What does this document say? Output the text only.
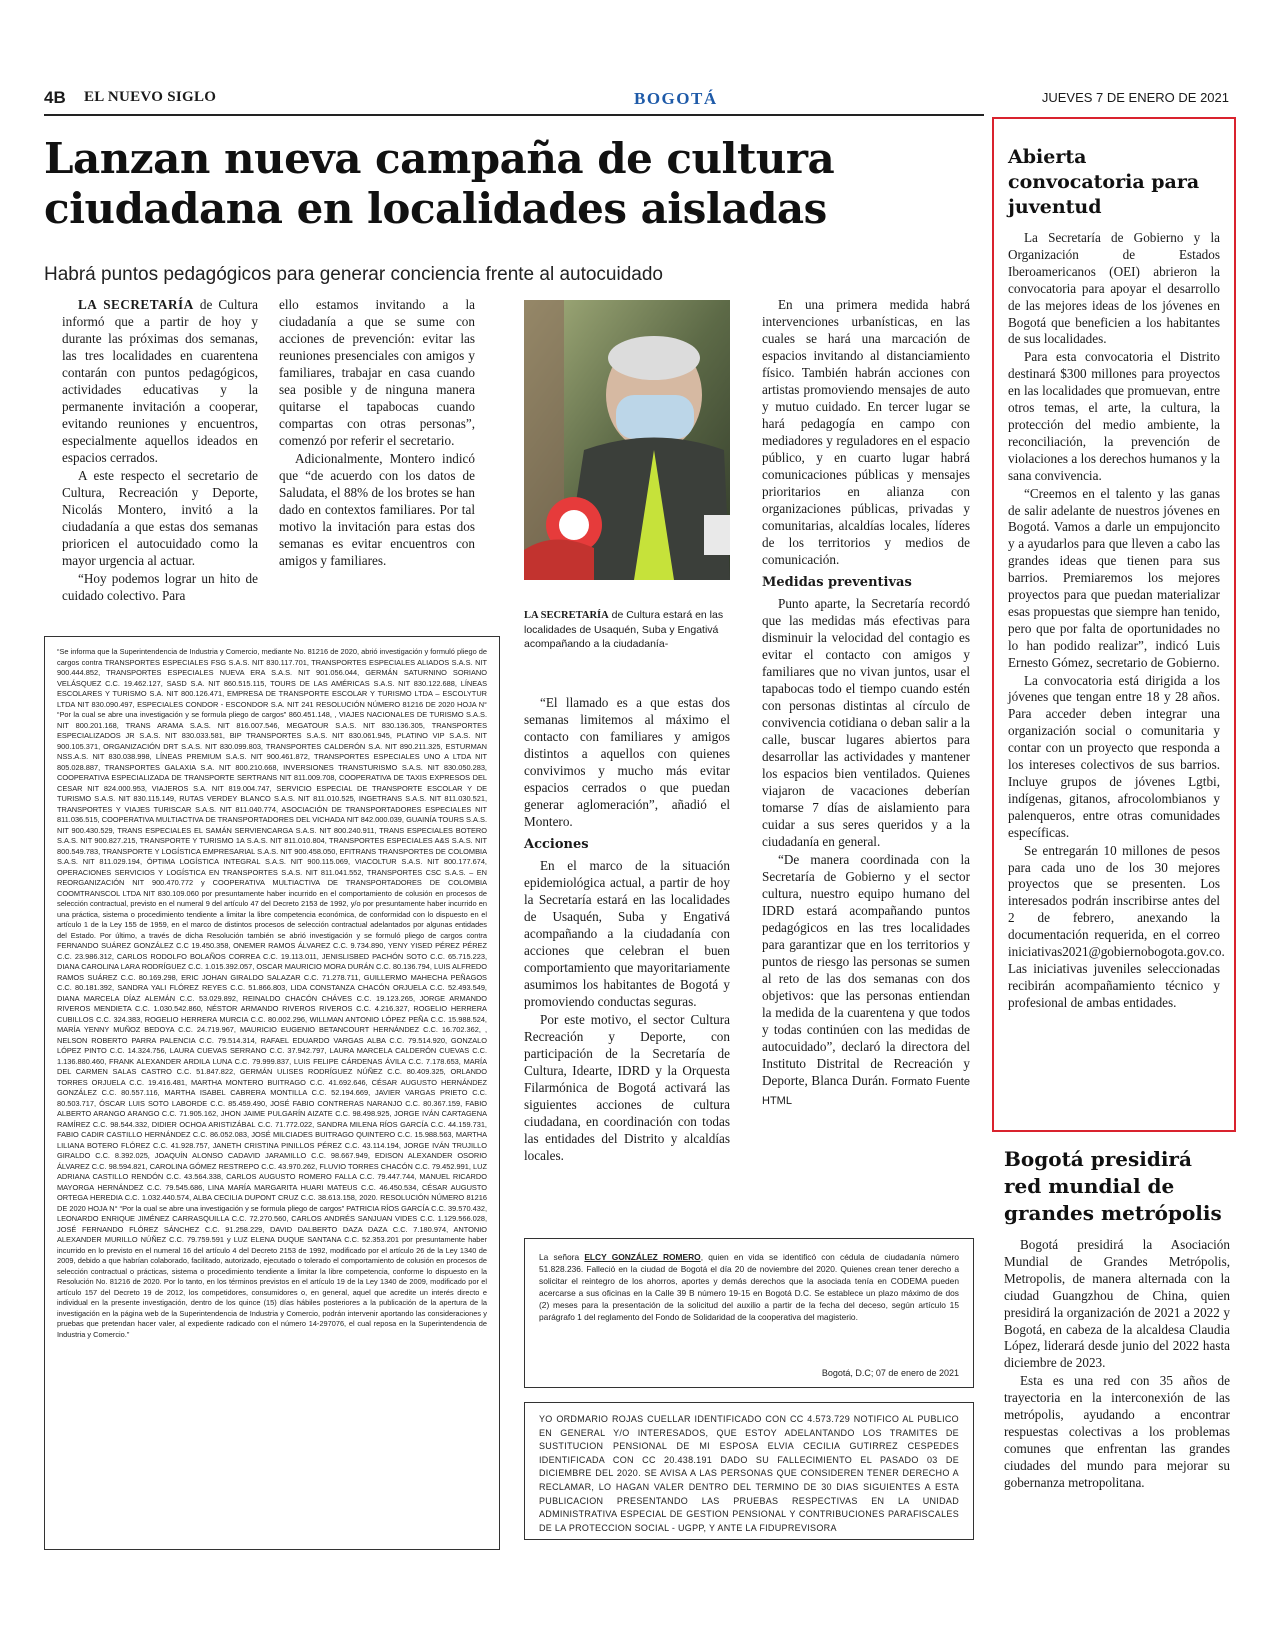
4B EL NUEVO SIGLO	BOGOTÁ	JUEVES 7 DE ENERO DE 2021
Lanzan nueva campaña de cultura ciudadana en localidades aisladas
Habrá puntos pedagógicos para generar conciencia frente al autocuidado

LA SECRETARÍA de Cultura informó que a partir de hoy y durante las próximas dos semanas, las tres localidades en cuarentena contarán con puntos pedagógicos, actividades educativas y la permanente invitación a cooperar, evitando reuniones y encuentros, especialmente aquellos ideados en espacios cerrados.

A este respecto el secretario de Cultura, Recreación y Deporte, Nicolás Montero, invitó a la ciudadanía a que estas dos semanas prioricen el autocuidado como la mayor urgencia al actuar.

“Hoy podemos lograr un hito de cuidado colectivo. Para

ello estamos invitando a la ciudadanía a que se sume con acciones de prevención: evitar las reuniones presenciales con amigos y familiares, trabajar en casa cuando sea posible y de ninguna manera quitarse el tapabocas cuando compartas con otras personas”, comenzó por referir el secretario.

Adicionalmente, Montero indicó que “de acuerdo con los datos de Saludata, el 88% de los brotes se han dado en contextos familiares. Por tal motivo la invitación para estas dos semanas es evitar encuentros con amigos y familiares.

LA SECRETARÍA de Cultura estará en las localidades de Usaquén, Suba y Engativá acompañando a la ciudadanía-

“El llamado es a que estas dos semanas limitemos al máximo el contacto con familiares y amigos distintos a aquellos con quienes convivimos y mucho más evitar espacios cerrados o que puedan generar aglomeración”, añadió el Montero.

Acciones

En el marco de la situación epidemiológica actual, a partir de hoy la Secretaría estará en las localidades de Usaquén, Suba y Engativá acompañando a la ciudadanía con acciones que celebran el buen comportamiento que mayoritariamente asumimos los habitantes de Bogotá y promoviendo conductas seguras.

Por este motivo, el sector Cultura Recreación y Deporte, con participación de la Secretaría de Cultura, Idearte, IDRD y la Orquesta Filarmónica de Bogotá activará las siguientes acciones de cultura ciudadana, en coordinación con todas las entidades del Distrito y alcaldías locales.

En una primera medida habrá intervenciones urbanísticas, en las cuales se hará una marcación de espacios invitando al distanciamiento físico. También habrán acciones con artistas promoviendo mensajes de auto y mutuo cuidado. En tercer lugar se hará pedagogía en campo con mediadores y reguladores en el espacio público, y en cuarto lugar habrá comunicaciones públicas y mensajes prioritarios en alianza con organizaciones públicas, privadas y comunitarias, alcaldías locales, líderes de los territorios y medios de comunicación.

Medidas preventivas

Punto aparte, la Secretaría recordó que las medidas más efectivas para disminuir la velocidad del contagio es evitar el contacto con amigos y familiares que no vivan juntos, usar el tapabocas todo el tiempo cuando estén con personas distintas al círculo de convivencia cotidiana o deban salir a la calle, buscar lugares abiertos para desarrollar las actividades y mantener los espacios bien ventilados. Quienes viajaron de vacaciones deberían tomarse 7 días de aislamiento para cuidar a sus seres queridos y a la ciudadanía en general.

“De manera coordinada con la Secretaría de Gobierno y el sector cultura, nuestro equipo humano del IDRD estará acompañando puntos pedagógicos en las tres localidades para garantizar que en los territorios y puntos de riesgo las personas se sumen al reto de las dos semanas con dos objetivos: que las personas entiendan la medida de la cuarentena y que todos y todas continúen con las medidas de autocuidado”, declaró la directora del Instituto Distrital de Recreación y Deporte, Blanca Durán. Formato Fuente HTML

“Se informa que la Superintendencia de Industria y Comercio, mediante No. 81216 de 2020, abrió investigación y formuló pliego de cargos contra TRANSPORTES ESPECIALES FSG S.A.S. NIT 830.117.701, TRANSPORTES ESPECIALES ALIADOS S.A.S. NIT 900.444.852, TRANSPORTES ESPECIALES NUEVA ERA S.A.S. NIT 901.056.044, GERMÁN SATURNINO SORIANO VELÁSQUEZ C.C. 19.462.127, SASD S.A. NIT 860.515.115, TOURS DE LAS AMÉRICAS S.A.S. NIT 830.122.688, LÍNEAS ESCOLARES Y TURISMO S.A. NIT 800.126.471, EMPRESA DE TRANSPORTE ESCOLAR Y TURISMO LTDA – ESCOLYTUR LTDA NIT 830.090.497, ESPECIALES CONDOR - ESCONDOR S.A. NIT 241 RESOLUCIÓN NÚMERO 81216 DE 2020 HOJA N° “Por la cual se abre una investigación y se formula pliego de cargos” 860.451.148, , VIAJES NACIONALES DE TURISMO S.A.S. NIT 800.201.168, TRANS ARAMA S.A.S. NIT 816.007.546, MEGATOUR S.A.S. NIT 830.136.305, TRANSPORTES ESPECIALIZADOS JR S.A.S. NIT 830.033.581, BIP TRANSPORTES S.A.S. NIT 830.061.945, PLATINO VIP S.A.S. NIT 900.105.371, ORGANIZACIÓN DRT S.A.S. NIT 830.099.803, TRANSPORTES CALDERÓN S.A. NIT 890.211.325, ESTURMAN NSS.A.S. NIT 830.038.998, LÍNEAS PREMIUM S.A.S. NIT 900.461.872, TRANSPORTES ESPECIALES UNO A LTDA NIT 805.028.887, TRANSPORTES GALAXIA S.A. NIT 800.210.668, INVERSIONES TRANSTURISMO S.A.S. NIT 830.050.283, COOPERATIVA ESPECIALIZADA DE TRANSPORTE SERTRANS NIT 811.009.708, COOPERATIVA DE TAXIS EXPRESOS DEL CESAR NIT 824.000.953, VIAJEROS S.A. NIT 819.004.747, SERVICIO ESPECIAL DE TRANSPORTE ESCOLAR Y DE TURISMO S.A.S. NIT 830.115.149, RUTAS VERDEY BLANCO S.A.S. NIT 811.010.525, INGETRANS S.A.S. NIT 811.030.521, TRANSPORTES Y VIAJES TURISCAR S.A.S. NIT 811.040.774, ASOCIACIÓN DE TRANSPORTADORES ESPECIALES NIT 811.036.515, COOPERATIVA MULTIACTIVA DE TRANSPORTADORES DEL VICHADA NIT 842.000.039, GUAINÍA TOURS S.A.S. NIT 900.430.529, TRANS ESPECIALES EL SAMÁN SERVIENCARGA S.A.S. NIT 800.240.911, TRANS ESPECIALES BOTERO S.A.S. NIT 900.827.215, TRANSPORTE Y TURISMO 1A S.A.S. NIT 811.010.804, TRANSPORTES ESPECIALES A&S S.A.S. NIT 800.549.783, TRANSPORTE Y LOGÍSTICA EMPRESARIAL S.A.S. NIT 900.458.050, EFITRANS TRANSPORTES DE COLOMBIA S.A.S. NIT 811.029.194, ÓPTIMA LOGÍSTICA INTEGRAL S.A.S. NIT 900.115.069, VIACOLTUR S.A.S. NIT 800.177.674, OPERACIONES SERVICIOS Y LOGÍSTICA EN TRANSPORTES S.A.S. NIT 811.041.552, TRANSPORTES CSC S.A.S. – EN REORGANIZACIÓN NIT 900.470.772 y COOPERATIVA MULTIACTIVA DE TRANSPORTADORES DE COLOMBIA COOMTRANSCOL LTDA NIT 830.109.060 por presuntamente haber incurrido en el comportamiento de colusión en procesos de selección contractual, previsto en el numeral 9 del artículo 47 del Decreto 2153 de 1992, y/o por presuntamente haber incurrido en una práctica, sistema o procedimiento tendiente a limitar la libre competencia económica, de conformidad con lo dispuesto en el artículo 1 de la Ley 155 de 1959, en el marco de distintos procesos de selección contractual adelantados por algunas entidades del Estado. Por último, a través de dicha Resolución también se abrió investigación y se formuló pliego de cargos contra FERNANDO SUÁREZ GONZÁLEZ C.C 19.450.358, ONEMER RAMOS ÁLVAREZ C.C. 9.734.890, YENY YISED PÉREZ PÉREZ C.C. 23.986.312, CARLOS RODOLFO BOLAÑOS CORREA C.C. 19.113.011, JENISLISBED PACHÓN SOTO C.C. 65.715.223, DIANA CAROLINA LARA RODRÍGUEZ C.C. 1.015.392.057, OSCAR MAURICIO MORA DURÁN C.C. 80.136.794, LUIS ALFREDO RAMOS SUÁREZ C.C. 80.169.298, ERIC JOHAN GIRALDO SALAZAR C.C. 71.278.711, GUILLERMO MAHECHA PEÑAGOS C.C. 80.181.392, SANDRA YALI FLÓREZ REYES C.C. 51.866.803, LIDA CONSTANZA CHACÓN ORJUELA C.C. 52.493.549, DIANA MARCELA DÍAZ ALEMÁN C.C. 53.029.892, REINALDO CHACÓN CHÁVES C.C. 19.123.265, JORGE ARMANDO RIVEROS MENDIETA C.C. 1.030.542.860, NÉSTOR ARMANDO RIVEROS RIVEROS C.C. 4.216.327, ROGELIO HERRERA CUBILLOS C.C. 324.383, ROGELIO HERRERA MURCIA C.C. 80.002.296, WILLMAN ANTONIO LÓPEZ PEÑA C.C. 15.988.524, MARÍA YENNY MUÑOZ BEDOYA C.C. 24.719.967, MAURICIO EUGENIO BETANCOURT HERNÁNDEZ C.C. 16.702.362, , NELSON ROBERTO PARRA PALENCIA C.C. 79.514.314, RAFAEL EDUARDO VARGAS ALBA C.C. 79.514.920, GONZALO LÓPEZ PINTO C.C. 14.324.756, LAURA CUEVAS SERRANO C.C. 37.942.797, LAURA MARCELA CALDERÓN CUEVAS C.C. 1.136.880.460, FRANK ALEXANDER ARDILA LUNA C.C. 79.999.837, LUIS FELIPE CÁRDENAS ÁVILA C.C. 7.178.653, MARÍA DEL CARMEN SALAS CASTRO C.C. 51.847.822, GERMÁN ULISES RODRÍGUEZ NÚÑEZ C.C. 80.409.325, ORLANDO TORRES ORJUELA C.C. 19.416.481, MARTHA MONTERO BUITRAGO C.C. 41.692.646, CÉSAR AUGUSTO HERNÁNDEZ GONZÁLEZ C.C. 80.557.116, MARTHA ISABEL CABRERA MONTILLA C.C. 52.194.669, JAVIER VARGAS PRIETO C.C. 80.503.717, ÓSCAR LUIS SOTO LABORDE C.C. 85.459.490, JOSÉ FABIO CONTRERAS NARANJO C.C. 80.367.159, FABIO ALBERTO ARANGO ARANGO C.C. 71.905.162, JHON JAIME PULGARÍN AIZATE C.C. 98.498.925, JORGE IVÁN CARTAGENA RAMÍREZ C.C. 98.544.332, DIDIER OCHOA ARISTIZÁBAL C.C. 71.772.022, SANDRA MILENA RÍOS GARCÍA C.C. 44.159.731, FABIO CADIR CASTILLO HERNÁNDEZ C.C. 86.052.083, JOSÉ MILCIADES BUITRAGO QUINTERO C.C. 15.988.563, MARTHA LILIANA BOTERO FLÓREZ C.C. 41.928.757, JANETH CRISTINA PINILLOS PÉREZ C.C. 43.114.194, JORGE IVÁN TRUJILLO GIRALDO C.C. 8.392.025, JOAQUÍN ALONSO CADAVID JARAMILLO C.C. 98.667.949, EDISON ALEXANDER OSORIO ÁLVAREZ C.C. 98.594.821, CAROLINA GÓMEZ RESTREPO C.C. 43.970.262, FLUVIO TORRES CHACÓN C.C. 79.452.991, LUZ ADRIANA CASTILLO RENDÓN C.C. 43.564.338, CARLOS AUGUSTO ROMERO FALLA C.C. 79.447.744, MANUEL RICARDO MAYORGA HERNÁNDEZ C.C. 79.545.686, LINA MARÍA MARGARITA HUARI MATEUS C.C. 46.450.534, CÉSAR AUGUSTO ORTEGA HEREDIA C.C. 1.032.440.574, ALBA CECILIA DUPONT CRUZ C.C. 38.613.158, 2020. RESOLUCIÓN NÚMERO 81216 DE 2020 HOJA N° “Por la cual se abre una investigación y se formula pliego de cargos” PATRICIA RÍOS GARCÍA C.C. 39.570.432, LEONARDO ENRIQUE JIMÉNEZ CARRASQUILLA C.C. 72.270.560, CARLOS ANDRÉS SANJUAN VIDES C.C. 1.129.566.028, JOSÉ FERNANDO FLÓREZ SÁNCHEZ C.C. 91.258.229, DAVID DALBERTO DAZA DAZA C.C. 7.180.974, ANTONIO ALEXANDER MURILLO NÚÑEZ C.C. 79.759.591 y LUZ ELENA DUQUE SANTANA C.C. 52.353.201 por presuntamente haber incurrido en lo previsto en el numeral 16 del artículo 4 del Decreto 2153 de 1992, modificado por el artículo 26 de la Ley 1340 de 2009, debido a que habrían colaborado, facilitado, autorizado, ejecutado o tolerado el comportamiento de colusión en procesos de selección contractual o prácticas, sistema o procedimiento tendiente a limitar la libre competencia, conforme lo dispuesto en la Resolución No. 81216 de 2020. Por lo tanto, en los términos previstos en el artículo 19 de la Ley 1340 de 2009, modificado por el artículo 157 del Decreto 19 de 2012, los competidores, consumidores o, en general, aquel que acredite un interés directo e individual en la presente investigación, dentro de los quince (15) días hábiles posteriores a la publicación de la apertura de la investigación en la página web de la Superintendencia de Industria y Comercio, podrán intervenir aportando las consideraciones y pruebas que pretendan hacer valer, al expediente radicado con el número 14-297076, el cual reposa en la Superintendencia de Industria y Comercio.”
La señora ELCY GONZÁLEZ ROMERO, quien en vida se identificó con cédula de ciudadanía número 51.828.236. Falleció en la ciudad de Bogotá el día 20 de noviembre del 2020. Quienes crean tener derecho a solicitar el reintegro de los ahorros, aportes y demás derechos que la asociada tenía en CODEMA pueden acercarse a sus oficinas en la Calle 39 B número 19-15 en Bogotá D.C. Se establece un plazo máximo de dos (2) meses para la presentación de la solicitud del auxilio a partir de la fecha del deceso, según artículo 15 parágrafo 1 del reglamento del Fondo de Solidaridad de la cooperativa del magisterio.
Bogotá, D.C; 07 de enero de 2021
YO ORDMARIO ROJAS CUELLAR IDENTIFICADO CON CC 4.573.729 NOTIFICO AL PUBLICO EN GENERAL Y/O INTERESADOS, QUE ESTOY ADELANTANDO LOS TRAMITES DE SUSTITUCION PENSIONAL DE MI ESPOSA ELVIA CECILIA GUTIRREZ CESPEDES IDENTIFICADA CON CC 20.438.191 DADO SU FALLECIMIENTO EL PASADO 03 DE DICIEMBRE DEL 2020. SE AVISA A LAS PERSONAS QUE CONSIDEREN TENER DERECHO A RECLAMAR, LO HAGAN VALER DENTRO DEL TERMINO DE 30 DIAS SIGUIENTES A ESTA PUBLICACION PRESENTANDO LAS PRUEBAS RESPECTIVAS EN LA UNIDAD ADMINISTRATIVA ESPECIAL DE GESTION PENSIONAL Y CONTRIBUCIONES PARAFISCALES DE LA PROTECCION SOCIAL - UGPP, Y ANTE LA FIDUPREVISORA
Abierta convocatoria para juventud

La Secretaría de Gobierno y la Organización de Estados Iberoamericanos (OEI) abrieron la convocatoria para apoyar el desarrollo de las mejores ideas de los jóvenes en Bogotá que beneficien a los habitantes de sus localidades.

Para esta convocatoria el Distrito destinará $300 millones para proyectos en las localidades que promuevan, entre otros temas, el arte, la cultura, la protección del medio ambiente, la reconciliación, la prevención de violaciones a los derechos humanos y la sana convivencia.

“Creemos en el talento y las ganas de salir adelante de nuestros jóvenes en Bogotá. Vamos a darle un empujoncito y a ayudarlos para que lleven a cabo las grandes ideas que tienen para sus barrios. Premiaremos los mejores proyectos para que puedan materializar esas propuestas que siempre han tenido, pero que por falta de oportunidades no lo han podido realizar”, indicó Luis Ernesto Gómez, secretario de Gobierno.

La convocatoria está dirigida a los jóvenes que tengan entre 18 y 28 años. Para acceder deben integrar una organización social o comunitaria y contar con un proyecto que responda a los intereses colectivos de sus barrios. Incluye grupos de jóvenes Lgtbi, indígenas, gitanos, afrocolombianos y palenqueros, entre otras comunidades específicas.

Se entregarán 10 millones de pesos para cada uno de los 30 mejores proyectos que se presenten. Los interesados podrán inscribirse antes del 2 de febrero, anexando la documentación requerida, en el correo iniciativas2021@gobiernobogota.gov.co. Las iniciativas juveniles seleccionadas recibirán acompañamiento técnico y profesional de ambas entidades.

Bogotá presidirá red mundial de grandes metrópolis

Bogotá presidirá la Asociación Mundial de Grandes Metrópolis, Metropolis, de manera alternada con la ciudad Guangzhou de China, quien presidirá la organización de 2021 a 2022 y Bogotá, en cabeza de la alcaldesa Claudia López, liderará desde junio del 2022 hasta diciembre de 2023.

Esta es una red con 35 años de trayectoria en la interconexión de las metrópolis, ayudando a encontrar respuestas colectivas a los problemas comunes que enfrentan las grandes ciudades del mundo para mejorar su gobernanza metropolitana.
